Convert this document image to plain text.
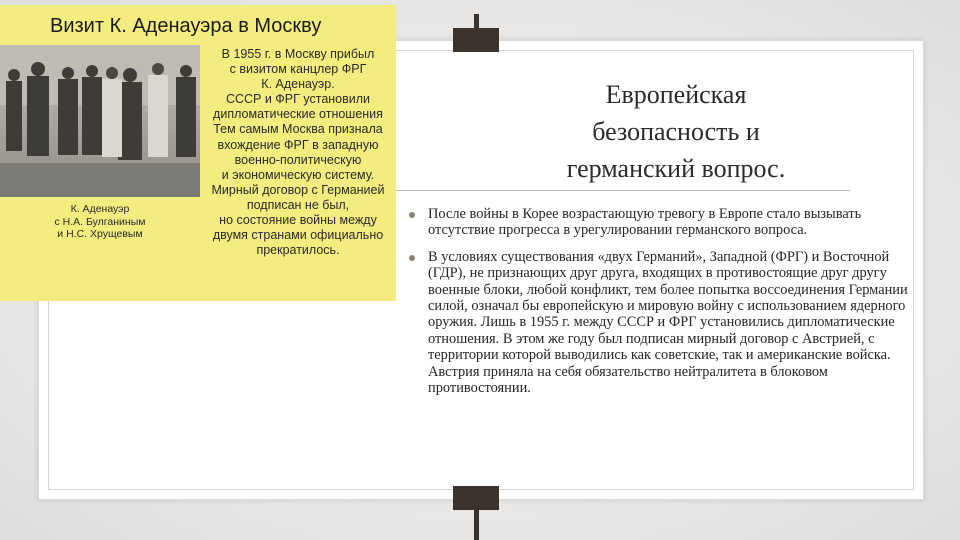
Визит К. Аденауэра в Москву
К. Аденауэр
с Н.А. Булганиным
и Н.С. Хрущевым

В 1955 г. в Москву прибыл

с визитом канцлер ФРГ

К. Аденауэр.

СССР и ФРГ установили

дипломатические отношения

Тем самым Москва признала

вхождение ФРГ в западную

военно-политическую

и экономическую систему.

Мирный договор с Германией

подписан не был,

но состояние войны между

двумя странами официально

прекратилось.

Европейская
безопасность и
германский вопрос.
После войны в Корее возрастающую тревогу в Европе стало вызывать отсутствие прогресса в урегулировании германского вопроса.
В условиях существования «двух Германий», Западной (ФРГ) и Восточной (ГДР), не признающих друг друга, входящих в противостоящие друг другу военные блоки, любой конфликт, тем более попытка воссоединения Германии силой, означал бы европейскую и мировую войну с использованием ядерного оружия. Лишь в 1955 г. между СССР и ФРГ установились дипломатические отношения. В этом же году был подписан мирный договор с Австрией, с территории которой выводились как советские, так и американские войска. Австрия приняла на себя обязательство нейтралитета в блоковом противостоянии.
